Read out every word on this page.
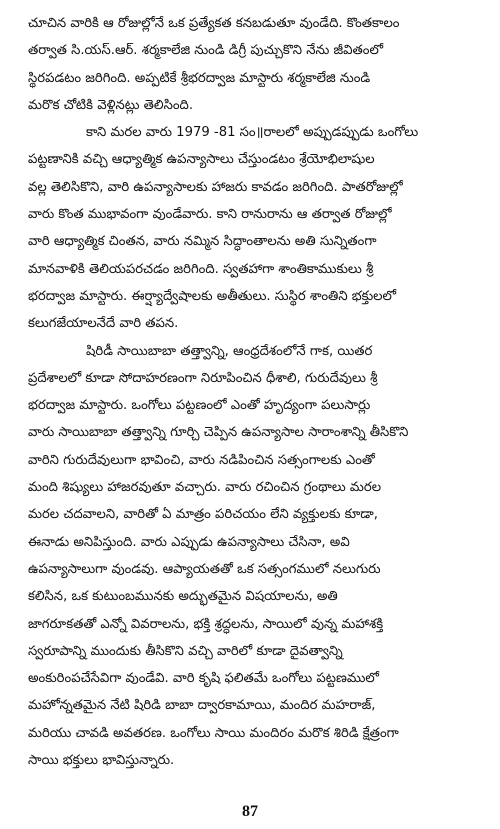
చూచిన వారికి ఆ రోజుల్లోనే ఒక ప్రత్యేకత కనబడుతూ వుండేది. కొంతకాలం
తర్వాత సి.యస్.ఆర్. శర్మకాలేజి నుండి డిగ్రీ పుచ్చుకొని నేను జీవితంలో
స్థిరపడటం జరిగింది. అప్పటికే శ్రీభరద్వాజ మాస్టారు శర్మకాలేజి నుండి
మరొక చోటికి వెళ్లినట్లు తెలిసింది.
కాని మరల వారు 1979 -81 సం॥రాలలో అప్పుడప్పుడు ఒంగోలు
పట్టణానికి వచ్చి ఆధ్యాత్మిక ఉపన్యాసాలు చేస్తుండటం శ్రేయోభిలాషుల
వల్ల తెలిసికొని, వారి ఉపన్యాసాలకు హాజరు కావడం జరిగింది. పాతరోజుల్లో
వారు కొంత ముభావంగా వుండేవారు. కాని రానురాను ఆ తర్వాత రోజుల్లో
వారి ఆధ్యాత్మిక చింతన, వారు నమ్మిన సిద్ధాంతాలను అతి సున్నితంగా
మానవాళికి తెలియపరచడం జరిగింది. స్వతహాగా శాంతికాముకులు శ్రీ
భరద్వాజ మాస్టారు. ఈర్ష్యాద్వేషాలకు అతీతులు. సుస్థిర శాంతిని భక్తులలో
కలుగజేయాలనేదే వారి తపన.
షిరిడీ సాయిబాబా తత్త్వాన్ని, ఆంధ్రదేశంలోనే గాక, యితర
ప్రదేశాలలో కూడా సోదాహరణంగా నిరూపించిన ధీశాలి, గురుదేవులు శ్రీ
భరద్వాజ మాస్టారు. ఒంగోలు పట్టణంలో ఎంతో హృద్యంగా పలుసార్లు
వారు సాయిబాబా తత్త్వాన్ని గూర్చి చెప్పిన ఉపన్యాసాల సారాంశాన్ని తీసికొని
వారిని గురుదేవులుగా భావించి, వారు నడిపించిన సత్సంగాలకు ఎంతో
మంది శిష్యులు హాజరవుతూ వచ్చారు. వారు రచించిన గ్రంథాలు మరల
మరల చదవాలని, వారితో ఏ మాత్రం పరిచయం లేని వ్యక్తులకు కూడా,
ఈనాడు అనిపిస్తుంది. వారు ఎప్పుడు ఉపన్యాసాలు చేసినా, అవి
ఉపన్యాసాలుగా వుండవు. ఆప్యాయతతో ఒక సత్సంగములో నలుగురు
కలిసిన, ఒక కుటుంబమునకు అద్భుతమైన విషయాలను, అతి
జాగరూకతతో ఎన్నో వివరాలను, భక్తి శ్రద్ధలను, సాయిలో వున్న మహాశక్తి
స్వరూపాన్ని ముందుకు తీసికొని వచ్చి వారిలో కూడా దైవత్వాన్ని
అంకురింపచేసేవిగా వుండేవి. వారి కృషి ఫలితమే ఒంగోలు పట్టణములో
మహోన్నతమైన నేటి షిరిడి బాబా ద్వారకామాయి, మందిర మహరాజ్,
మరియు చావడి అవతరణ. ఒంగోలు సాయి మందిరం మరొక శిరిడి క్షేత్రంగా
సాయి భక్తులు భావిస్తున్నారు.
87
